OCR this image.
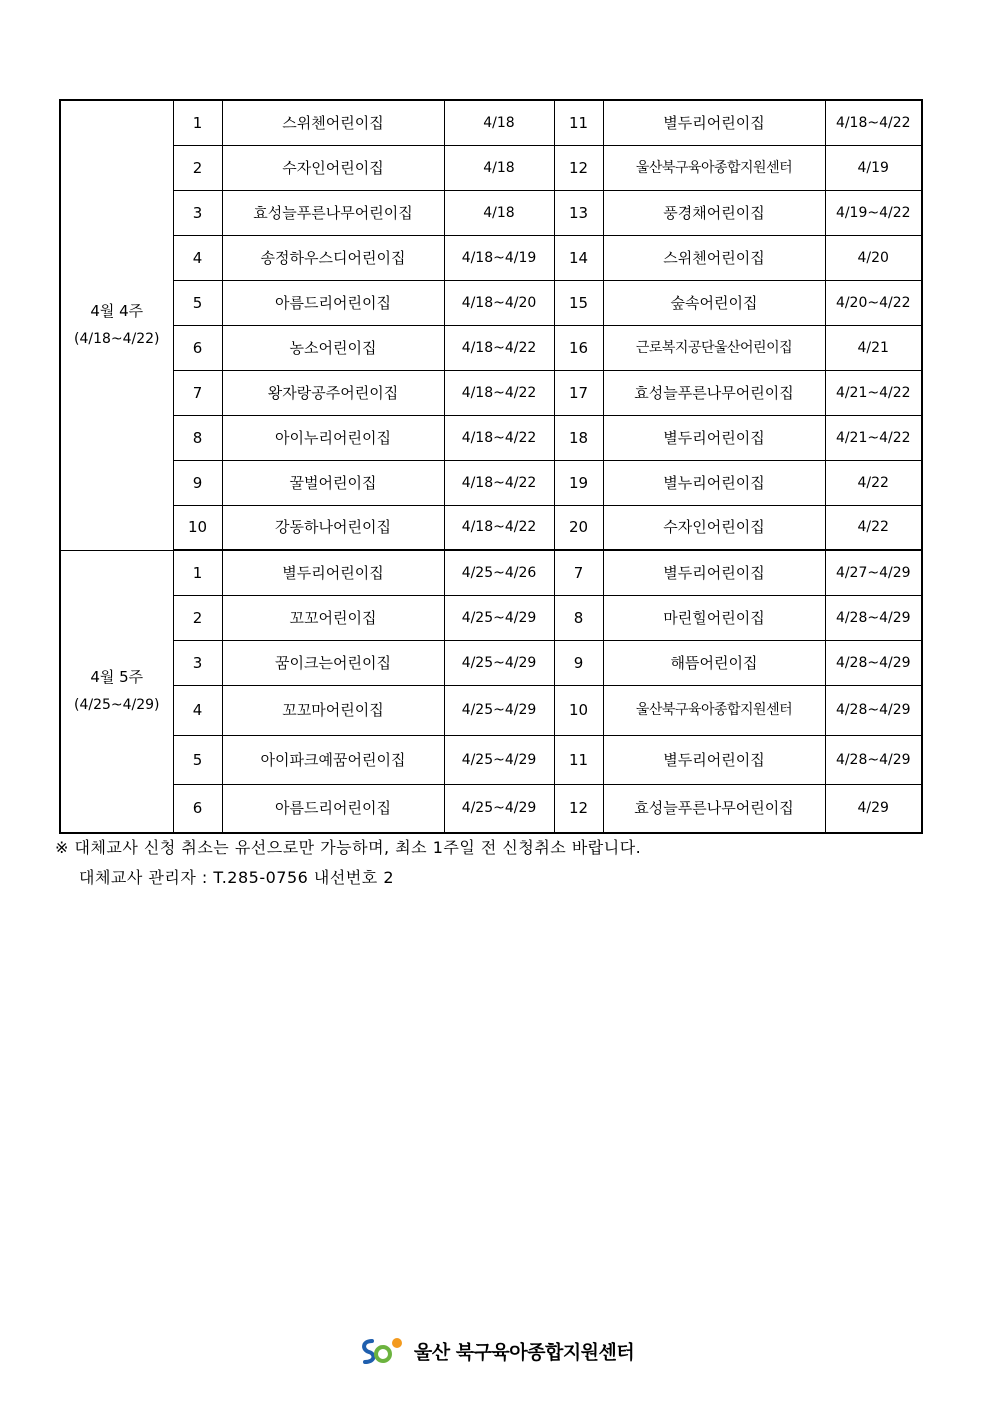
4월 4주
(4/18~4/22)	1	스위첸어린이집	4/18	11	별두리어린이집	4/18~4/22
	2	수자인어린이집	4/18	12	울산북구육아종합지원센터	4/19
	3	효성늘푸른나무어린이집	4/18	13	풍경채어린이집	4/19~4/22
	4	송정하우스디어린이집	4/18~4/19	14	스위첸어린이집	4/20
	5	아름드리어린이집	4/18~4/20	15	숲속어린이집	4/20~4/22
	6	농소어린이집	4/18~4/22	16	근로복지공단울산어린이집	4/21
	7	왕자랑공주어린이집	4/18~4/22	17	효성늘푸른나무어린이집	4/21~4/22
	8	아이누리어린이집	4/18~4/22	18	별두리어린이집	4/21~4/22
	9	꿀벌어린이집	4/18~4/22	19	별누리어린이집	4/22
	10	강동하나어린이집	4/18~4/22	20	수자인어린이집	4/22

4월 5주
(4/25~4/29)	1	별두리어린이집	4/25~4/26	7	별두리어린이집	4/27~4/29
	2	꼬꼬어린이집	4/25~4/29	8	마린힐어린이집	4/28~4/29
	3	꿈이크는어린이집	4/25~4/29	9	해뜸어린이집	4/28~4/29
	4	꼬꼬마어린이집	4/25~4/29	10	울산북구육아종합지원센터	4/28~4/29
	5	아이파크예꿈어린이집	4/25~4/29	11	별두리어린이집	4/28~4/29
	6	아름드리어린이집	4/25~4/29	12	효성늘푸른나무어린이집	4/29
※ 대체교사 신청 취소는 유선으로만 가능하며, 최소 1주일 전 신청취소 바랍니다.
대체교사 관리자 : T.285-0756 내선번호 2
울산 북구육아종합지원센터
